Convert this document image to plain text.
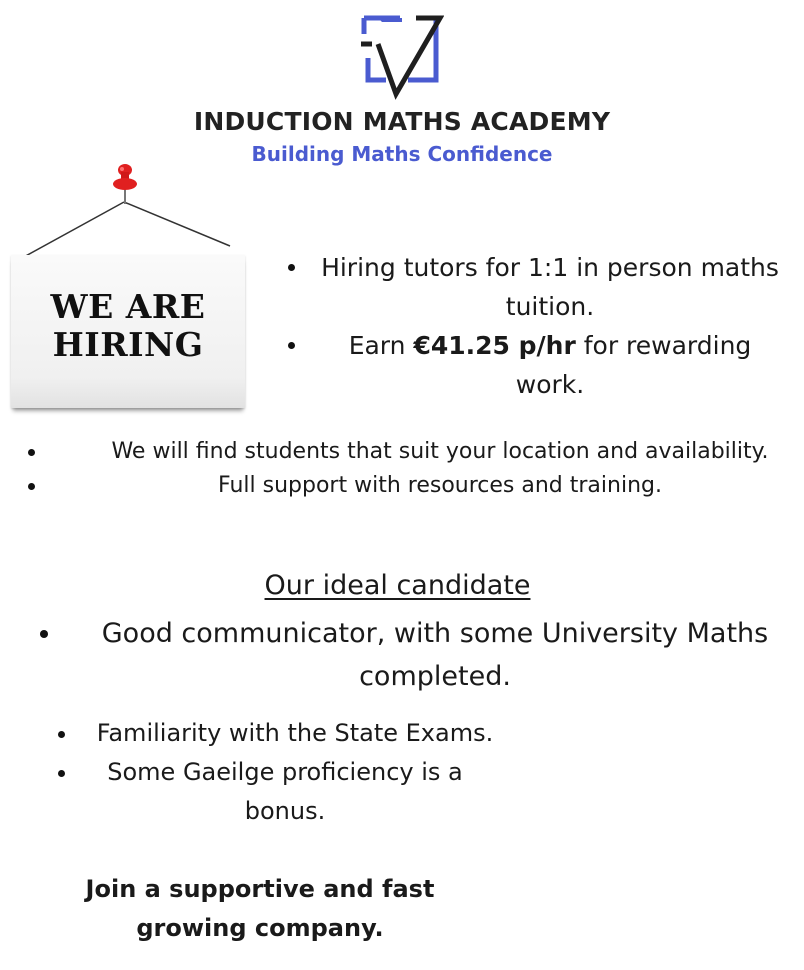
INDUCTION MATHS ACADEMY
Building Maths Confidence
WE ARE
HIRING
Hiring tutors for 1:1 in person maths tuition.
Earn €41.25 p/hr for rewarding work.
We will find students that suit your location and availability.
Full support with resources and training.
Our ideal candidate
Good communicator, with some University Maths completed.
Familiarity with the State Exams.
Some Gaeilge proficiency is a bonus.
Join a supportive and fast growing company.
